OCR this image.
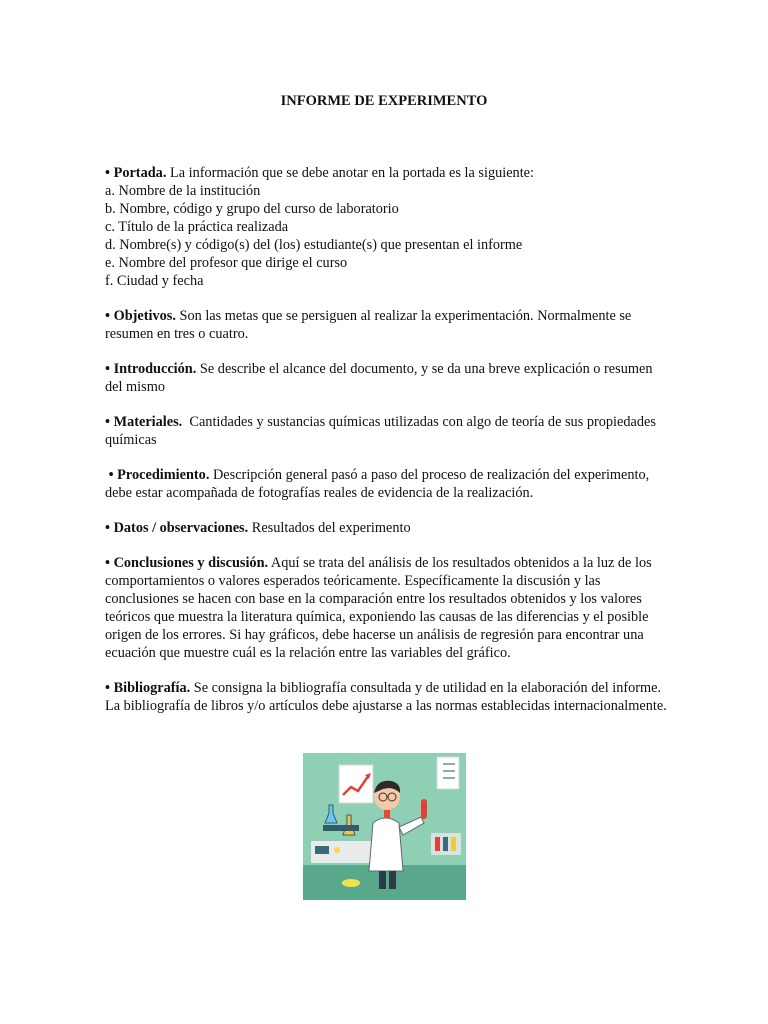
INFORME DE EXPERIMENTO

• Portada. La información que se debe anotar en la portada es la siguiente:

a. Nombre de la institución
b. Nombre, código y grupo del curso de laboratorio
c. Título de la práctica realizada
d. Nombre(s) y código(s) del (los) estudiante(s) que presentan el informe
e. Nombre del profesor que dirige el curso
f. Ciudad y fecha

• Objetivos. Son las metas que se persiguen al realizar la experimentación. Normalmente se resumen en tres o cuatro.

• Introducción. Se describe el alcance del documento, y se da una breve explicación o resumen del mismo

• Materiales.  Cantidades y sustancias químicas utilizadas con algo de teoría de sus propiedades químicas

• Procedimiento. Descripción general pasó a paso del proceso de realización del experimento, debe estar acompañada de fotografías reales de evidencia de la realización.

• Datos / observaciones. Resultados del experimento

• Conclusiones y discusión. Aquí se trata del análisis de los resultados obtenidos a la luz de los comportamientos o valores esperados teóricamente. Específicamente la discusión y las conclusiones se hacen con base en la comparación entre los resultados obtenidos y los valores teóricos que muestra la literatura química, exponiendo las causas de las diferencias y el posible origen de los errores. Si hay gráficos, debe hacerse un análisis de regresión para encontrar una ecuación que muestre cuál es la relación entre las variables del gráfico.

• Bibliografía. Se consigna la bibliografía consultada y de utilidad en la elaboración del informe. La bibliografía de libros y/o artículos debe ajustarse a las normas establecidas internacionalmente.
